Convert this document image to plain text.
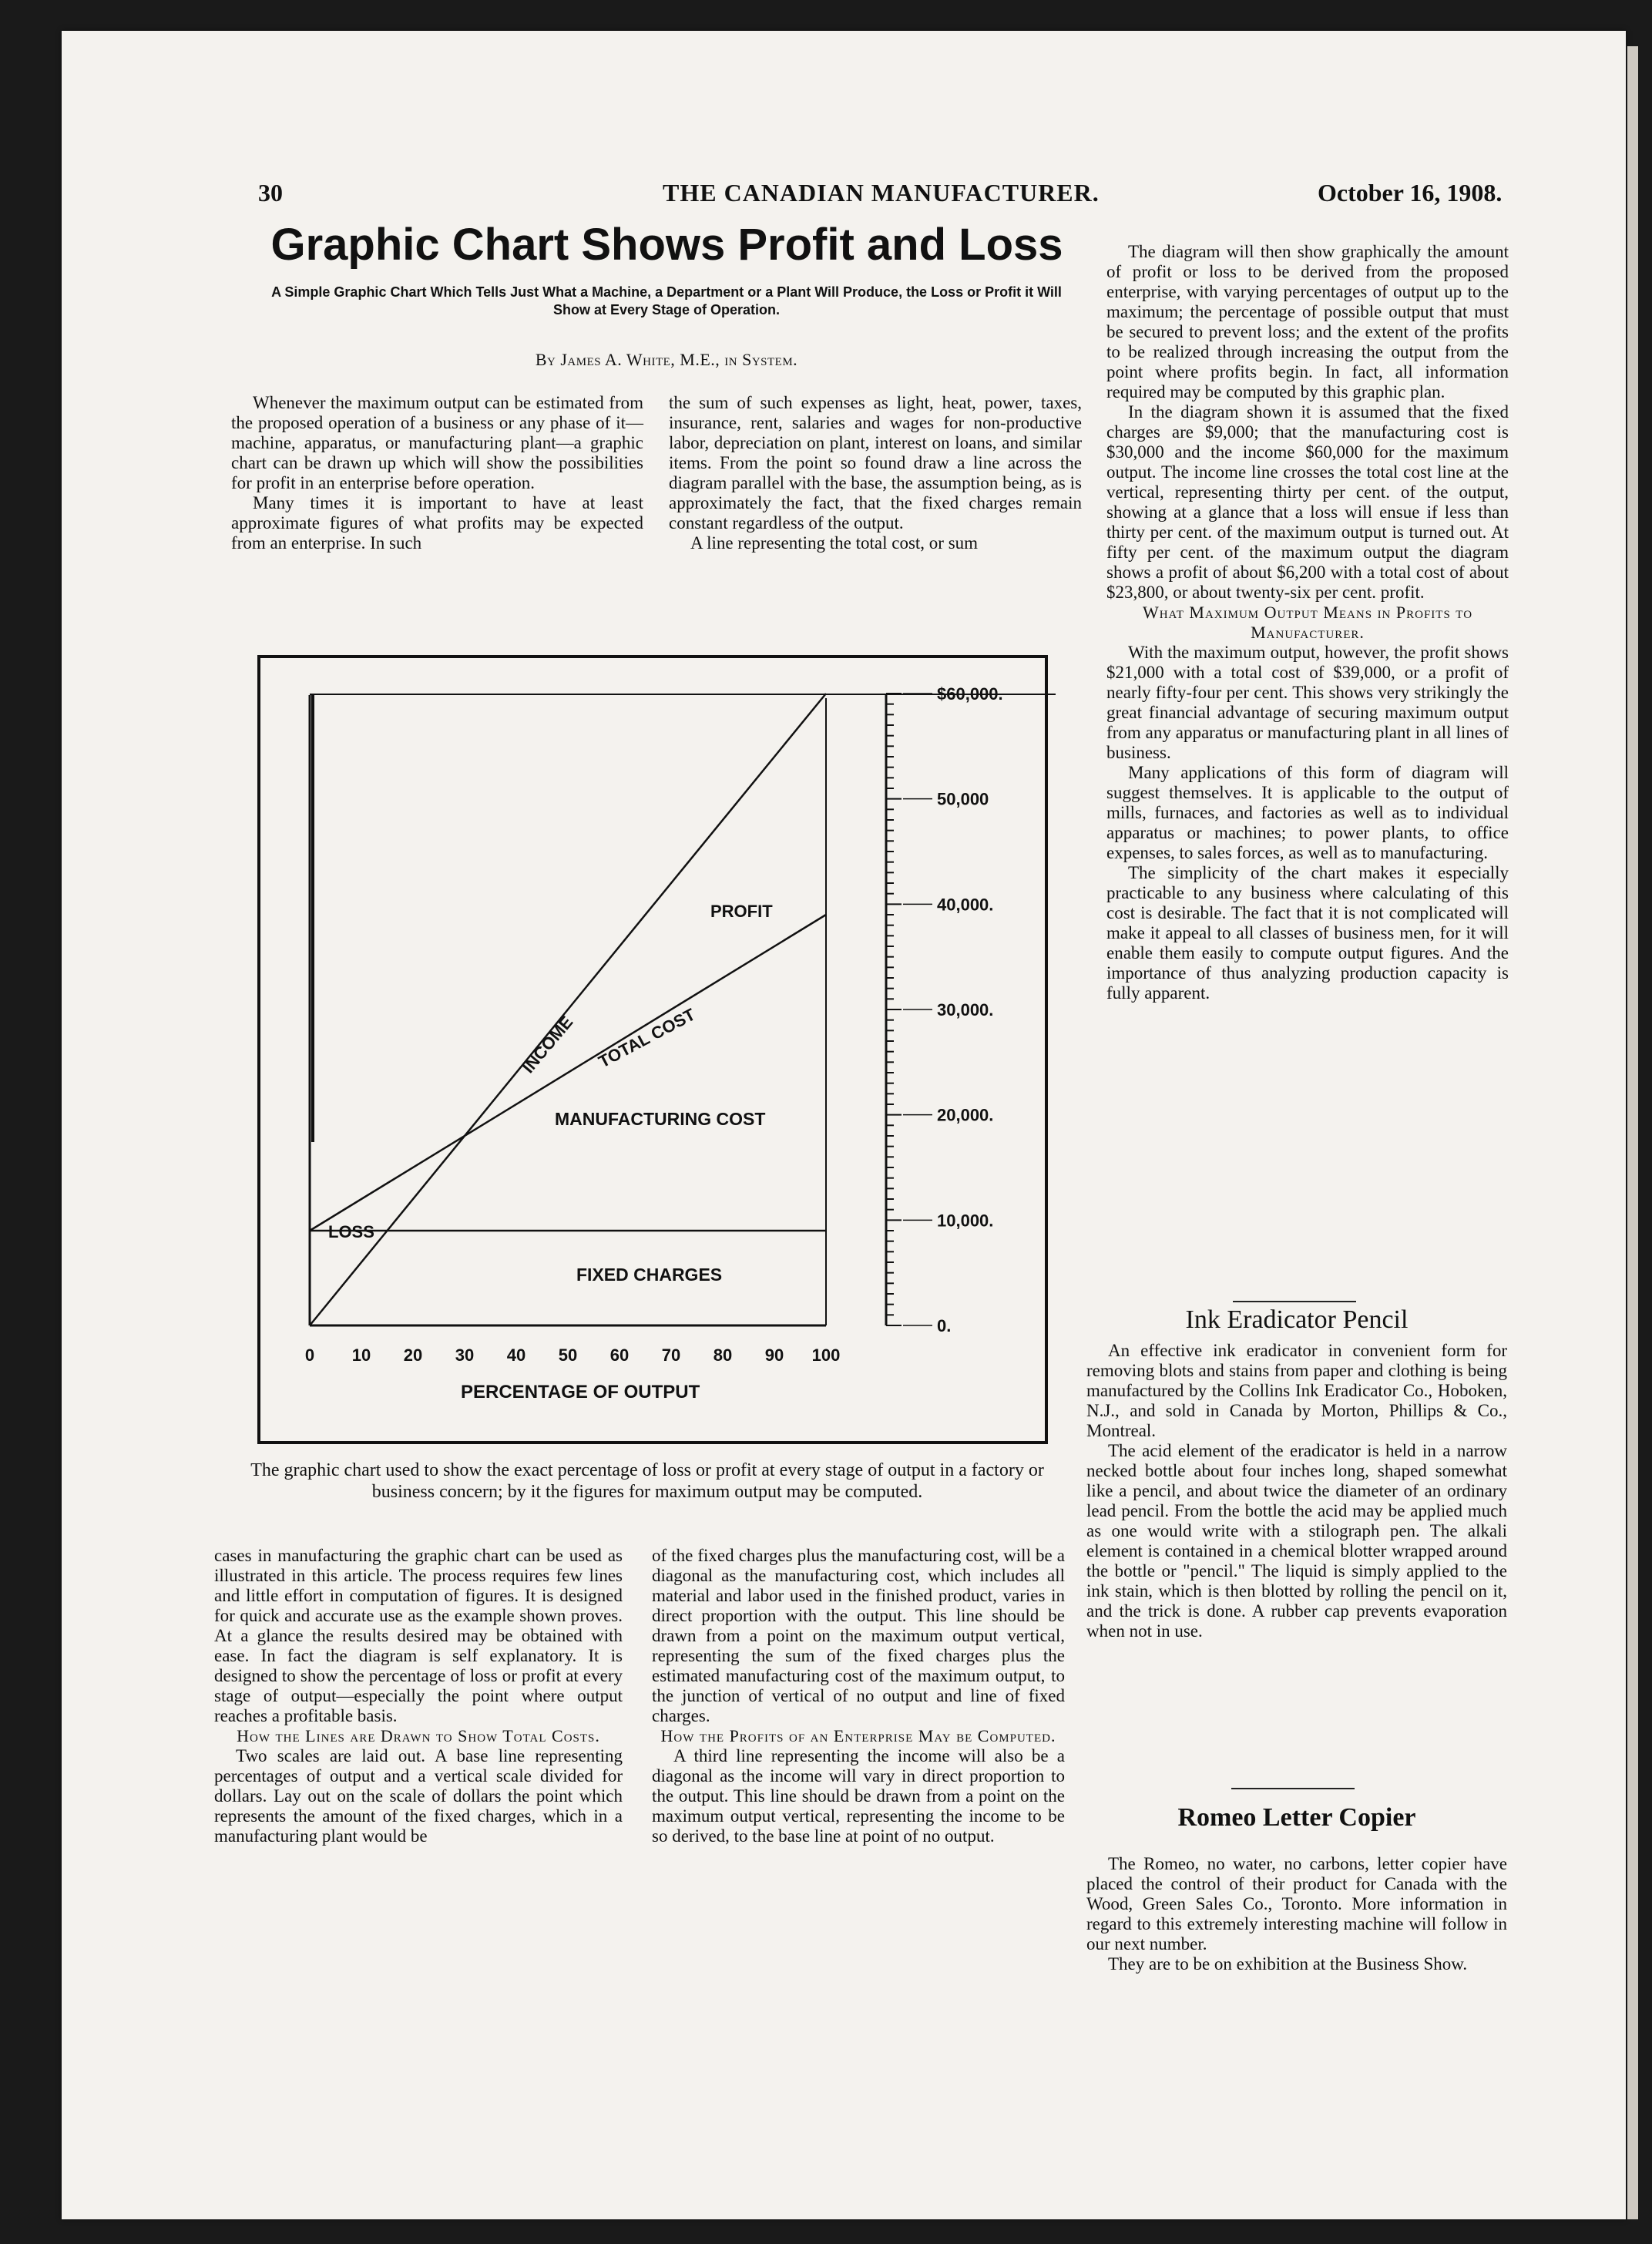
30	THE CANADIAN MANUFACTURER.	October 16, 1908.
Graphic Chart Shows Profit and Loss
A Simple Graphic Chart Which Tells Just What a Machine, a Department or a Plant Will Produce, the Loss or Profit it Will Show at Every Stage of Operation.
By James A. White, M.E., in System.

Whenever the maximum output can be estimated from the proposed operation of a business or any phase of it—machine, apparatus, or manufacturing plant—a graphic chart can be drawn up which will show the possibilities for profit in an enterprise before operation.

Many times it is important to have at least approximate figures of what profits may be expected from an enterprise. In such

the sum of such expenses as light, heat, power, taxes, insurance, rent, salaries and wages for non-productive labor, depreciation on plant, interest on loans, and similar items. From the point so found draw a line across the diagram parallel with the base, the assumption being, as is approximately the fact, that the fixed charges remain constant regardless of the output.

A line representing the total cost, or sum

The diagram will then show graphically the amount of profit or loss to be derived from the proposed enterprise, with varying percentages of output up to the maximum; the percentage of possible output that must be secured to prevent loss; and the extent of the profits to be realized through increasing the output from the point where profits begin. In fact, all information required may be computed by this graphic plan.

In the diagram shown it is assumed that the fixed charges are $9,000; that the manufacturing cost is $30,000 and the income $60,000 for the maximum output. The income line crosses the total cost line at the vertical, representing thirty per cent. of the output, showing at a glance that a loss will ensue if less than thirty per cent. of the maximum output is turned out. At fifty per cent. of the maximum output the diagram shows a profit of about $6,200 with a total cost of about $23,800, or about twenty-six per cent. profit.

What Maximum Output Means in Profits to Manufacturer.

With the maximum output, however, the profit shows $21,000 with a total cost of $39,000, or a profit of nearly fifty-four per cent. This shows very strikingly the great financial advantage of securing maximum output from any apparatus or manufacturing plant in all lines of business.

Many applications of this form of diagram will suggest themselves. It is applicable to the output of mills, furnaces, and factories as well as to individual apparatus or machines; to power plants, to office expenses, to sales forces, as well as to manufacturing.

The simplicity of the chart makes it especially practicable to any business where calculating of this cost is desirable. The fact that it is not complicated will make it appeal to all classes of business men, for it will enable them easily to compute output figures. And the importance of thus analyzing production capacity is fully apparent.

PROFIT
LOSS
MANUFACTURING COST
FIXED CHARGES
INCOME TOTAL COST
0 10 20 30 40 50 60 70 80 90 100
0.
10,000.
20,000.
30,000.
40,000.
50,000
$60,000.
PERCENTAGE OF OUTPUT
The graphic chart used to show the exact percentage of loss or profit at every stage of output in a factory or business concern; by it the figures for maximum output may be computed.

cases in manufacturing the graphic chart can be used as illustrated in this article. The process requires few lines and little effort in computation of figures. It is designed for quick and accurate use as the example shown proves. At a glance the results desired may be obtained with ease. In fact the diagram is self explanatory. It is designed to show the percentage of loss or profit at every stage of output—especially the point where output reaches a profitable basis.

How the Lines are Drawn to Show Total Costs.

Two scales are laid out. A base line representing percentages of output and a vertical scale divided for dollars. Lay out on the scale of dollars the point which represents the amount of the fixed charges, which in a manufacturing plant would be

of the fixed charges plus the manufacturing cost, will be a diagonal as the manufacturing cost, which includes all material and labor used in the finished product, varies in direct proportion with the output. This line should be drawn from a point on the maximum output vertical, representing the sum of the fixed charges plus the estimated manufacturing cost of the maximum output, to the junction of vertical of no output and line of fixed charges.

How the Profits of an Enterprise May be Computed.

A third line representing the income will also be a diagonal as the income will vary in direct proportion to the output. This line should be drawn from a point on the maximum output vertical, representing the income to be so derived, to the base line at point of no output.

Ink Eradicator Pencil

An effective ink eradicator in convenient form for removing blots and stains from paper and clothing is being manufactured by the Collins Ink Eradicator Co., Hoboken, N.J., and sold in Canada by Morton, Phillips & Co., Montreal.

The acid element of the eradicator is held in a narrow necked bottle about four inches long, shaped somewhat like a pencil, and about twice the diameter of an ordinary lead pencil. From the bottle the acid may be applied much as one would write with a stilograph pen. The alkali element is contained in a chemical blotter wrapped around the bottle or "pencil." The liquid is simply applied to the ink stain, which is then blotted by rolling the pencil on it, and the trick is done. A rubber cap prevents evaporation when not in use.

Romeo Letter Copier

The Romeo, no water, no carbons, letter copier have placed the control of their product for Canada with the Wood, Green Sales Co., Toronto. More information in regard to this extremely interesting machine will follow in our next number.

They are to be on exhibition at the Business Show.
